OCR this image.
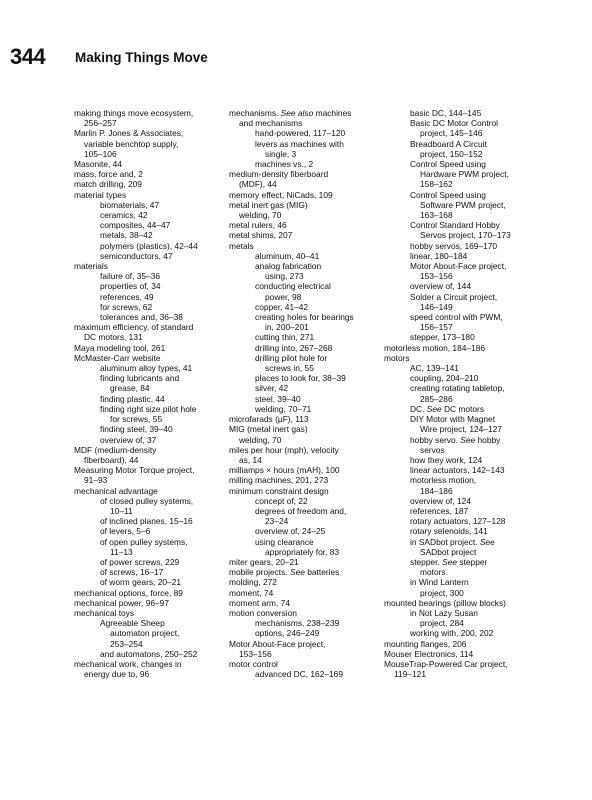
344 Making Things Move
making things move ecosystem,
256–257
Marlin P. Jones & Associates,
variable benchtop supply,
105–106
Masonite, 44
mass, force and, 2
match drilling, 209
material types
biomaterials, 47
ceramics, 42
composites, 44–47
metals, 38–42
polymers (plastics), 42–44
semiconductors, 47
materials
failure of, 35–36
properties of, 34
references, 49
for screws, 62
tolerances and, 36–38
maximum efficiency, of standard
DC motors, 131
Maya modeling tool, 261
McMaster-Carr website
aluminum alloy types, 41
finding lubricants and
grease, 84
finding plastic, 44
finding right size pilot hole
for screws, 55
finding steel, 39–40
overview of, 37
MDF (medium-density
fiberboard), 44
Measuring Motor Torque project,
91–93
mechanical advantage
of closed pulley systems,
10–11
of inclined planes, 15–16
of levers, 5–6
of open pulley systems,
11–13
of power screws, 229
of screws, 16–17
of worm gears, 20–21
mechanical options, force, 89
mechanical power, 96–97
mechanical toys
Agreeable Sheep
automaton project,
253–254
and automatons, 250–252
mechanical work, changes in
energy due to, 96
mechanisms. See also machines
and mechanisms
hand-powered, 117–120
levers as machines with
single, 3
machines vs., 2
medium-density fiberboard
(MDF), 44
memory effect, NiCads, 109
metal inert gas (MIG)
welding, 70
metal rulers, 46
metal shims, 207
metals
aluminum, 40–41
analog fabrication
using, 273
conducting electrical
power, 98
copper, 41–42
creating holes for bearings
in, 200–201
cutting thin, 271
drilling into, 267–268
drilling pilot hole for
screws in, 55
places to look for, 38–39
silver, 42
steel, 39–40
welding, 70–71
microfarads (μF), 113
MIG (metal inert gas)
welding, 70
miles per hour (mph), velocity
as, 14
milliamps × hours (mAH), 100
milling machines, 201, 273
minimum constraint design
concept of, 22
degrees of freedom and,
23–24
overview of, 24–25
using clearance
appropriately for, 83
miter gears, 20–21
mobile projects. See batteries
molding, 272
moment, 74
moment arm, 74
motion conversion
mechanisms, 238–239
options, 246–249
Motor About-Face project,
153–156
motor control
advanced DC, 162–169
basic DC, 144–145
Basic DC Motor Control
project, 145–146
Breadboard A Circuit
project, 150–152
Control Speed using
Hardware PWM project,
158–162
Control Speed using
Software PWM project,
163–168
Control Standard Hobby
Servos project, 170–173
hobby servos, 169–170
linear, 180–184
Motor About-Face project,
153–156
overview of, 144
Solder a Circuit project,
146–149
speed control with PWM,
156–157
stepper, 173–180
motorless motion, 184–186
motors
AC, 139–141
coupling, 204–210
creating rotating tabletop,
285–286
DC. See DC motors
DIY Motor with Magnet
Wire project, 124–127
hobby servo. See hobby
servos
how they work, 124
linear actuators, 142–143
motorless motion,
184–186
overview of, 124
references, 187
rotary actuators, 127–128
rotary selenoids, 141
in SADbot project. See
SADbot project
stepper. See stepper
motors
in Wind Lantern
project, 300
mounted bearings (pillow blocks)
in Not Lazy Susan
project, 284
working with, 200, 202
mounting flanges, 206
Mouser Electronics, 114
MouseTrap-Powered Car project,
119–121
